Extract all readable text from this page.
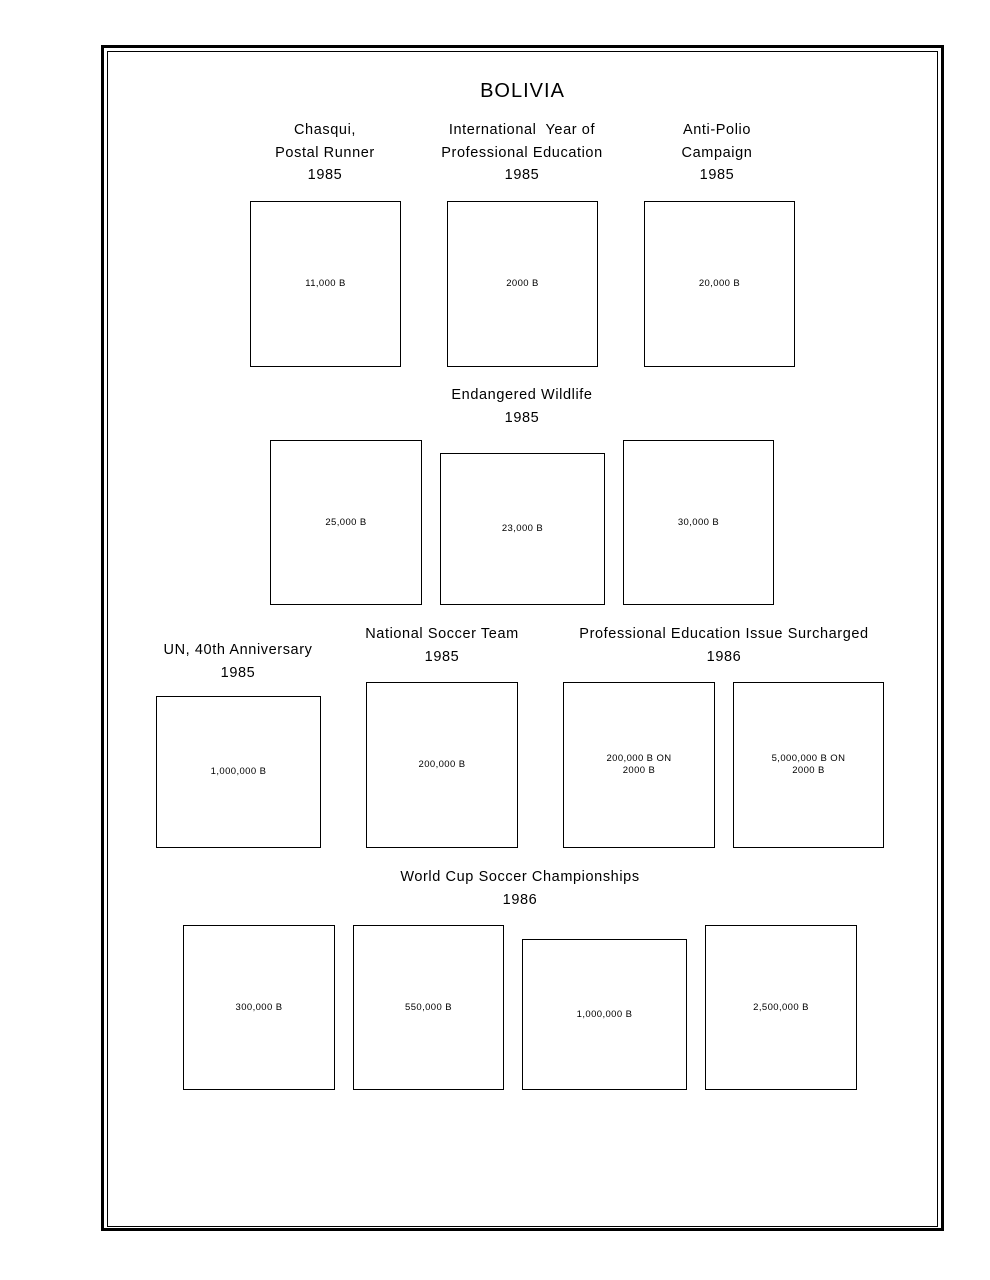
BOLIVIA
Chasqui,
Postal Runner
1985
International  Year of
Professional Education
1985
Anti-Polio
Campaign
1985
11,000 B	2000 B	20,000 B
Endangered Wildlife
1985
25,000 B
23,000 B
30,000 B
UN, 40th Anniversary
1985
National Soccer Team
1985
Professional Education Issue Surcharged
1986
1,000,000 B
200,000 B
200,000 B ON
2000 B
5,000,000 B ON
2000 B
World Cup Soccer Championships
1986
300,000 B	550,000 B
1,000,000 B
2,500,000 B
